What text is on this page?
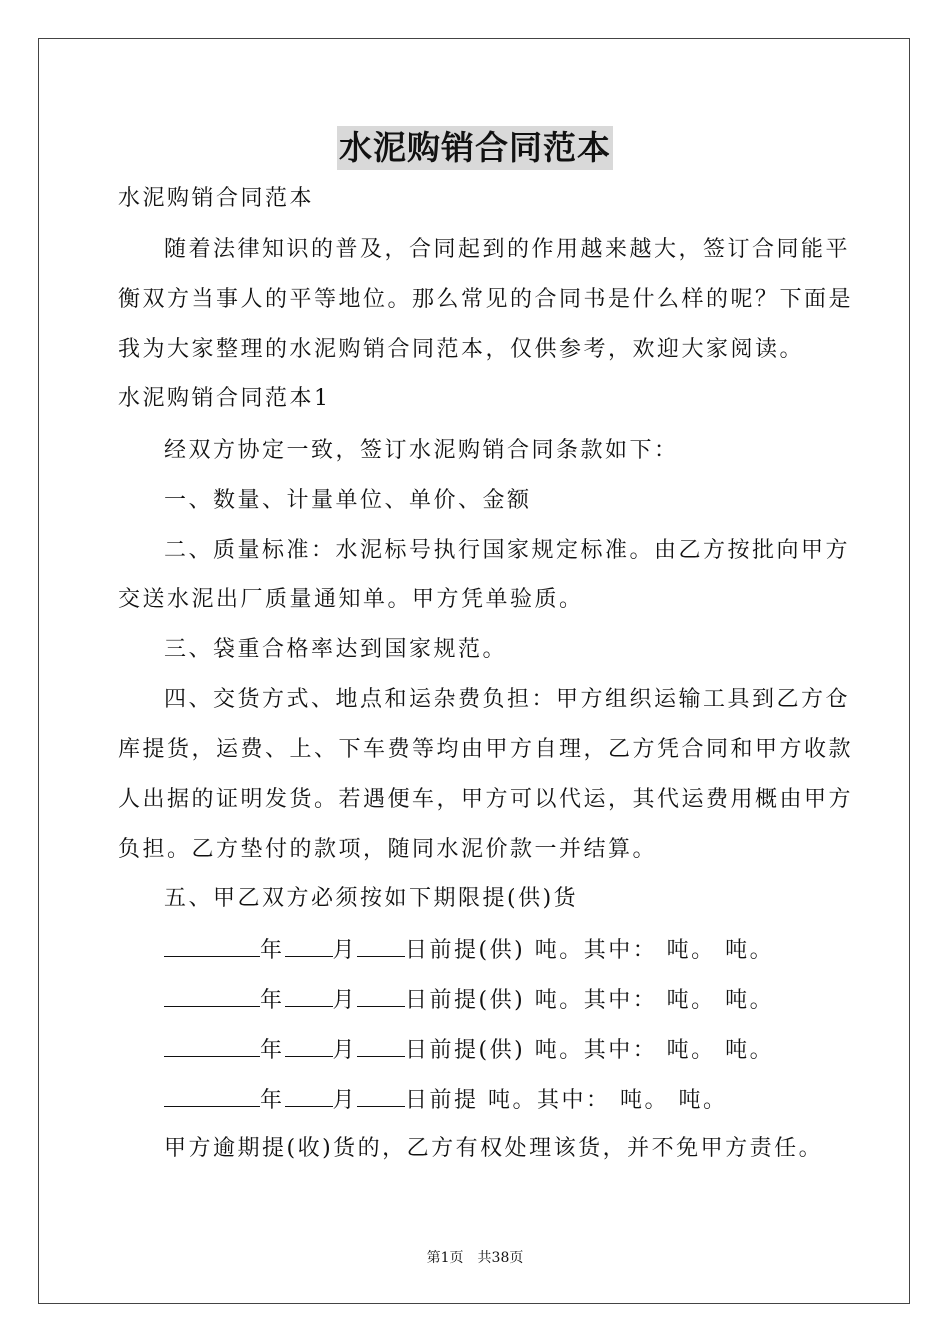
水泥购销合同范本
水泥购销合同范本
随着法律知识的普及，合同起到的作用越来越大，签订合同能平
衡双方当事人的平等地位。那么常见的合同书是什么样的呢？下面是
我为大家整理的水泥购销合同范本，仅供参考，欢迎大家阅读。
水泥购销合同范本1
经双方协定一致，签订水泥购销合同条款如下：
一、数量、计量单位、单价、金额
二、质量标准：水泥标号执行国家规定标准。由乙方按批向甲方
交送水泥出厂质量通知单。甲方凭单验质。
三、袋重合格率达到国家规范。
四、交货方式、地点和运杂费负担：甲方组织运输工具到乙方仓
库提货，运费、上、下车费等均由甲方自理，乙方凭合同和甲方收款
人出据的证明发货。若遇便车，甲方可以代运，其代运费用概由甲方
负担。乙方垫付的款项，随同水泥价款一并结算。
五、甲乙双方必须按如下期限提(供)货
年 月 日前提(供) 吨。其中： 吨。 吨。
年 月 日前提(供) 吨。其中： 吨。 吨。
年 月 日前提(供) 吨。其中： 吨。 吨。
年 月 日前提 吨。其中： 吨。 吨。
甲方逾期提(收)货的，乙方有权处理该货，并不免甲方责任。
第1页　共38页
